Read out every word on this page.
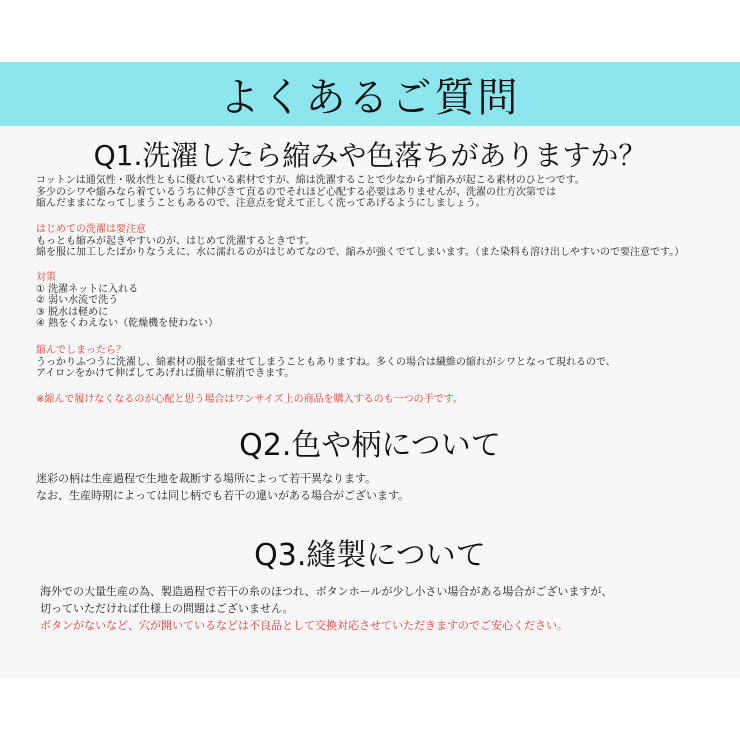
よくあるご質問
Q1.洗濯したら縮みや色落ちがありますか？
コットンは通気性・吸水性ともに優れている素材ですが、綿は洗濯することで少なからず縮みが起こる素材のひとつです。
多少のシワや縮みなら着ているうちに伸びきて直るのでそれほど心配する必要はありませんが、洗濯の仕方次第では
縮んだままになってしまうこともあるので、注意点を覚えて正しく洗ってあげるようにしましょう。
はじめての洗濯は要注意
もっとも縮みが起きやすいのが、はじめて洗濯するときです。
綿を服に加工したばかりなうえに、水に濡れるのがはじめてなので、縮みが強くでてしまいます。（また染料も溶け出しやすいので要注意です。）
対策
① 洗濯ネットに入れる
② 弱い水流で洗う
③ 脱水は軽めに
④ 熱をくわえない（乾燥機を使わない）
縮んでしまったら？
うっかりふつうに洗濯し、綿素材の服を縮ませてしまうこともありますね。多くの場合は繊維の縮れがシワとなって現れるので、
アイロンをかけて伸ばしてあげれば簡単に解消できます。
※縮んで履けなくなるのが心配と思う場合はワンサイズ上の商品を購入するのも一つの手です。
Q2.色や柄について
迷彩の柄は生産過程で生地を裁断する場所によって若干異なります。
なお、生産時期によっては同じ柄でも若干の違いがある場合がございます。
Q3.縫製について
海外での大量生産の為、製造過程で若干の糸のほつれ、ボタンホールが少し小さい場合がある場合がございますが、
切っていただければ仕様上の問題はございません。
ボタンがないなど、穴が開いているなどは不良品として交換対応させていただきますのでご安心ください。
